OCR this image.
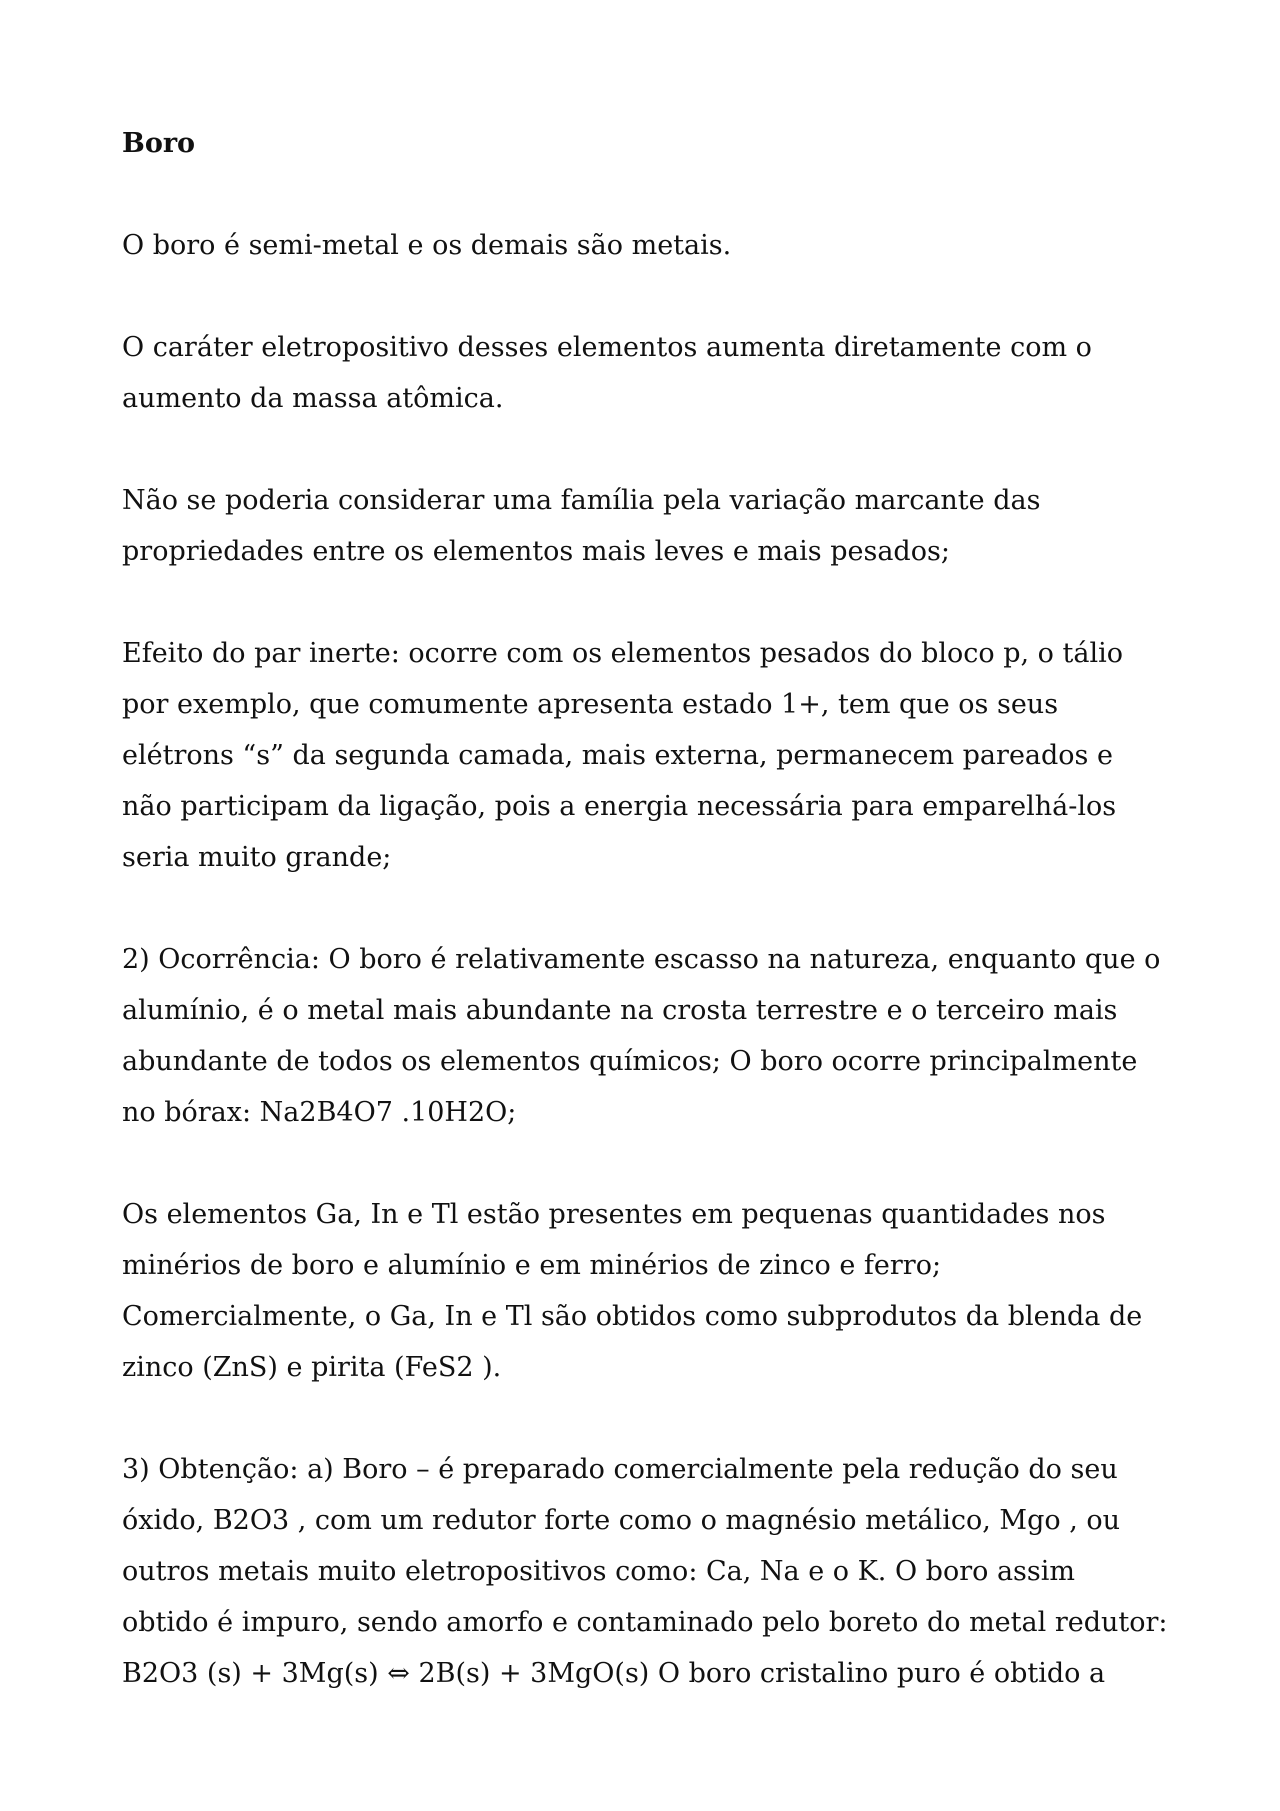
Boro
O boro é semi-metal e os demais são metais.
O caráter eletropositivo desses elementos aumenta diretamente com o
aumento da massa atômica.
Não se poderia considerar uma família pela variação marcante das
propriedades entre os elementos mais leves e mais pesados;
Efeito do par inerte: ocorre com os elementos pesados do bloco p, o tálio
por exemplo, que comumente apresenta estado 1+, tem que os seus
elétrons “s” da segunda camada, mais externa, permanecem pareados e
não participam da ligação, pois a energia necessária para emparelhá-los
seria muito grande;
2) Ocorrência: O boro é relativamente escasso na natureza, enquanto que o
alumínio, é o metal mais abundante na crosta terrestre e o terceiro mais
abundante de todos os elementos químicos; O boro ocorre principalmente
no bórax: Na2B4O7 .10H2O;
Os elementos Ga, In e Tl estão presentes em pequenas quantidades nos
minérios de boro e alumínio e em minérios de zinco e ferro;
Comercialmente, o Ga, In e Tl são obtidos como subprodutos da blenda de
zinco (ZnS) e pirita (FeS2 ).
3) Obtenção: a) Boro – é preparado comercialmente pela redução do seu
óxido, B2O3 , com um redutor forte como o magnésio metálico, Mgo , ou
outros metais muito eletropositivos como: Ca, Na e o K. O boro assim
obtido é impuro, sendo amorfo e contaminado pelo boreto do metal redutor:
B2O3 (s) + 3Mg(s) ⇔ 2B(s) + 3MgO(s) O boro cristalino puro é obtido a
